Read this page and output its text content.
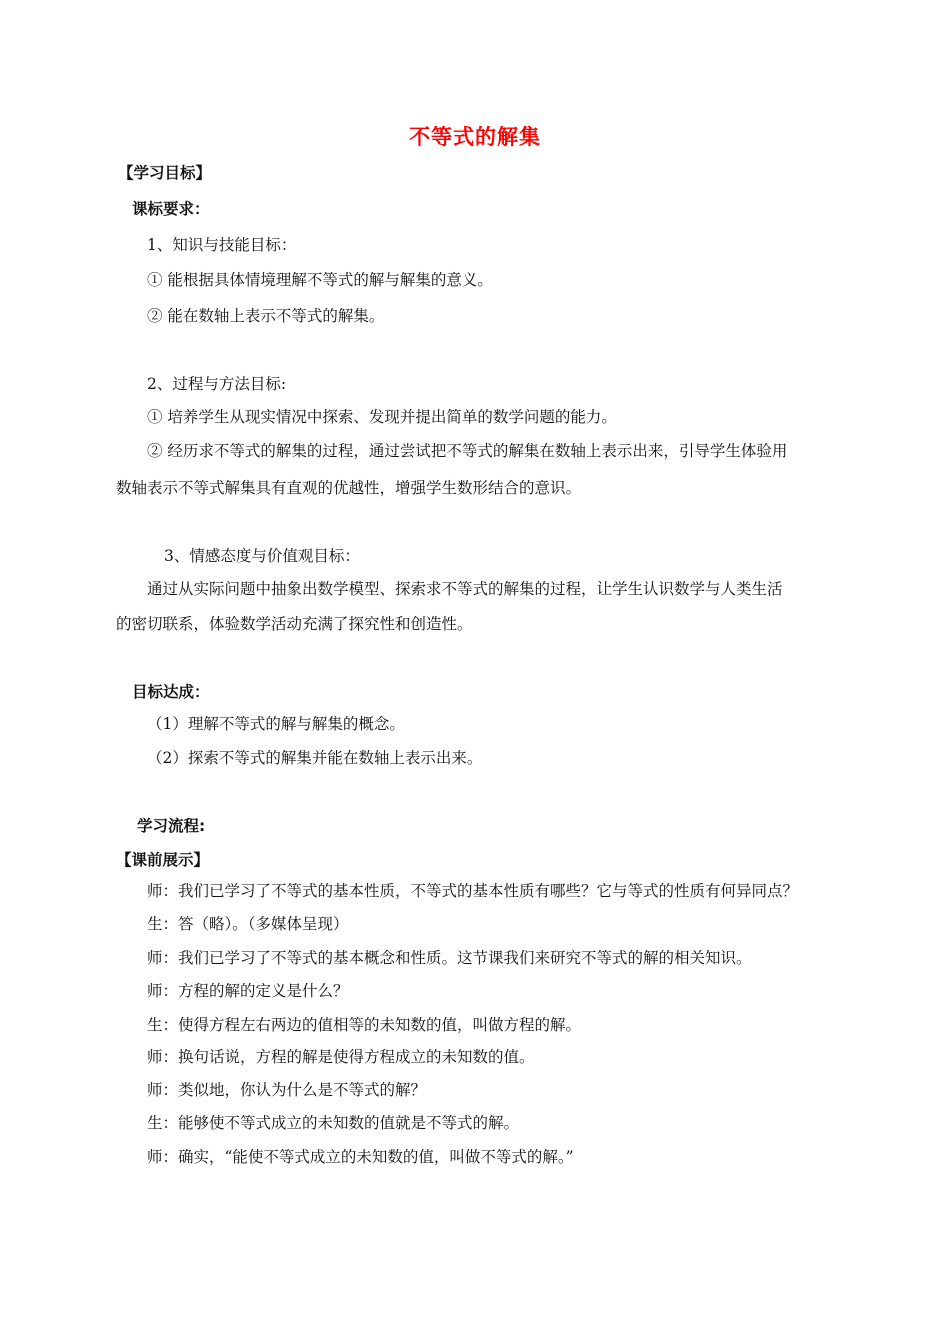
不等式的解集
【学习目标】
课标要求：
1、知识与技能目标：
① 能根据具体情境理解不等式的解与解集的意义。
② 能在数轴上表示不等式的解集。
2、过程与方法目标:
① 培养学生从现实情况中探索、发现并提出简单的数学问题的能力。
② 经历求不等式的解集的过程，通过尝试把不等式的解集在数轴上表示出来，引导学生体验用
数轴表示不等式解集具有直观的优越性，增强学生数形结合的意识。
3、情感态度与价值观目标：
通过从实际问题中抽象出数学模型、探索求不等式的解集的过程，让学生认识数学与人类生活
的密切联系，体验数学活动充满了探究性和创造性。
目标达成：
（1）理解不等式的解与解集的概念。
（2）探索不等式的解集并能在数轴上表示出来。
学习流程:
【课前展示】
师：我们已学习了不等式的基本性质，不等式的基本性质有哪些？它与等式的性质有何异同点？
生：答（略）。（多媒体呈现）
师：我们已学习了不等式的基本概念和性质。这节课我们来研究不等式的解的相关知识。
师：方程的解的定义是什么？
生：使得方程左右两边的值相等的未知数的值，叫做方程的解。
师：换句话说，方程的解是使得方程成立的未知数的值。
师：类似地，你认为什么是不等式的解？
生：能够使不等式成立的未知数的值就是不等式的解。
师：确实，“能使不等式成立的未知数的值，叫做不等式的解。”
